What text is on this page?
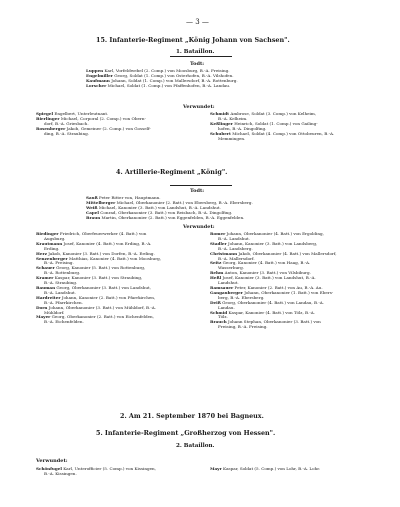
— 3 —
15. Infanterie-Regiment „König Johann von Sachsen".
1. Bataillon.
Todt:
Luppen Karl, Vorfeldwebel (2. Comp.) von Moosburg, B.-A. Freising.
Engelmiller Georg, Soldat (1. Comp.) von Osterhofen, B.-A. Vilshofen.
Kaufmann Johann, Soldat (1. Comp.) von Mallersdorf, B.-A. Rottenburg.
Lorscher Michael, Soldat (1. Comp.) von Pfaffenhofen, B.-A. Landau.
Verwundet:
Spiegel Engelbert, Unterleutnant.
Bierlinger Michael, Corporal (2. Comp.) von Obern-
dorf, B.-A. Griesbach.
Rosenberger Jakob, Gemeiner (2. Comp.) von Gosself-
ding, B.-A. Straubing.
Schmidt Ambrose, Soldat (3. Comp.) von Kelheim,
B.-A. Kelheim.
Keßlinger Heinrich, Soldat (1. Comp.) von Gailing-
hofen, B.-A. Dingolfing.
Schubert Michael, Soldat (4. Comp.) von Ottobeuren, B.-A.
Memmingen.
4. Artillerie-Regiment „König".
Todt:
Sauß Peter Ritter von, Hauptmann.
Mittelberger Michael, Oberkanonier (2. Batt.) von Ebersberg, B.-A. Ebersberg.
Weiß Michael, Kanonier (3. Batt.) von Landshut, B.-A. Landshut.
Capel Conrad, Oberkanonier (3. Batt.) von Reisbach, B.-A. Dingolfing.
Braun Martin, Oberkanonier (2. Batt.) von Eggenfelden, B.-A. Eggenfelden.
Verwundet:
Riedinger Friedrich, Oberfeuerwerker (4. Batt.) von
Augsburg.
Krautmann Josef, Kanonier (4. Batt.) von Erding, B.-A.
Erding.
Herz Jakob, Kanonier (3. Batt.) von Dorfen, B.-A. Erding.
Senzenberger Matthias, Kanonier (4. Batt.) von Moosburg,
B.-A. Freising.
Schauer Georg, Kanonier (5. Batt.) von Rottenburg,
B.-A. Rottenburg.
Kramer Kaspar, Kanonier (3. Batt.) von Straubing,
B.-A. Straubing.
Bauman Georg, Oberkanonier (3. Batt.) von Landshut,
B.-A. Landshut.
Hardreiter Johann, Kanonier (2. Batt.) von Pfarrkirchen,
B.-A. Pfarrkirchen.
Dorn Johann, Oberkanonier (3. Batt.) von Mühldorf, B.-A.
Mühldorf.
Mayer Georg, Oberkanonier (2. Batt.) von Eichenfelden,
B.-A. Eichenfelden.
Romer Johann, Oberkanonier (4. Batt.) von Ergolding,
B.-A. Landshut.
Stadler Johann, Kanonier (3. Batt.) von Landsberg,
B.-A. Landsberg.
Christmann Jakob, Oberkanonier (4. Batt.) von Mallersdorf,
B.-A. Mallersdorf.
Seitz Georg, Kanonier (4. Batt.) von Haag, B.-A.
Wasserburg.
Rehm Anton, Kanonier (3. Batt.) von Vilsbiburg.
Heßl Josef, Kanonier (3. Batt.) von Landshut, B.-A.
Landshut.
Ramsauer Peter, Kanonier (2. Batt.) von Au, B.-A. Au.
Gangauberger Johann, Oberkanonier (1. Batt.) von Ebers-
berg, B.-A. Ebersberg.
Deiß Georg, Oberkanonier (4. Batt.) von Landau, B.-A.
Landau.
Schmid Kaspar, Kanonier (4. Batt.) von Tölz, B.-A.
Tölz.
Brauch Johann Stephan, Oberkanonier (3. Batt.) von
Freising, B.-A. Freising.
2. Am 21. September 1870 bei Bagneux.
5. Infanterie-Regiment „Großherzog von Hessen".
2. Bataillon.
Verwundet:
Schönfugel Karl, Unterofficier (5. Comp.) von Kissingen,
B.-A. Kissingen.
Mayr Kaspar, Soldat (5. Comp.) von Lohr, B.-A. Lohr.
